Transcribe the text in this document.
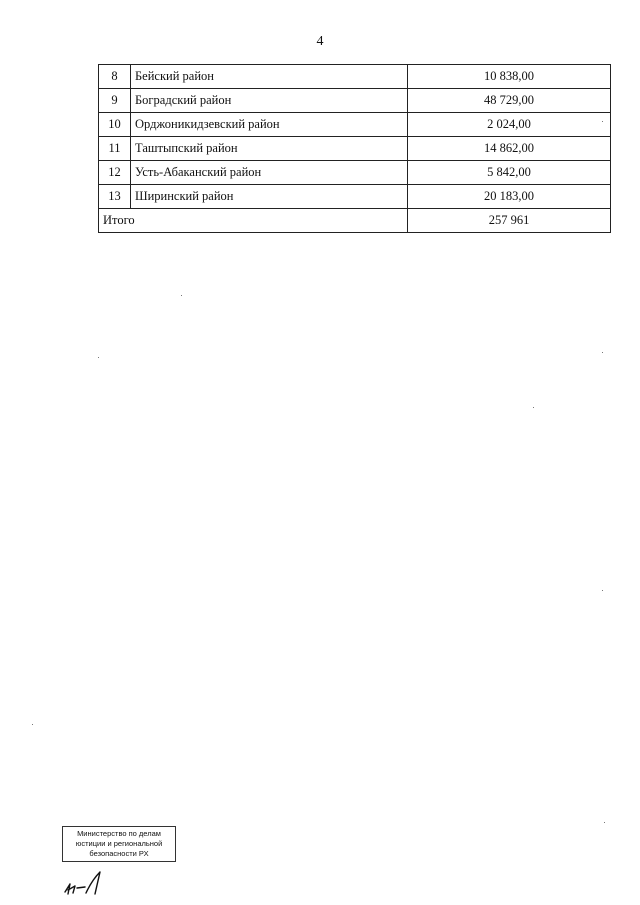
4
8	Бейский район	10 838,00
9	Боградский район	48 729,00
10	Орджоникидзевский район	2 024,00
11	Таштыпский район	14 862,00
12	Усть-Абаканский район	5 842,00
13	Ширинский район	20 183,00
Итого		257 961
Министерство по делам
юстиции и региональной
безопасности РХ
